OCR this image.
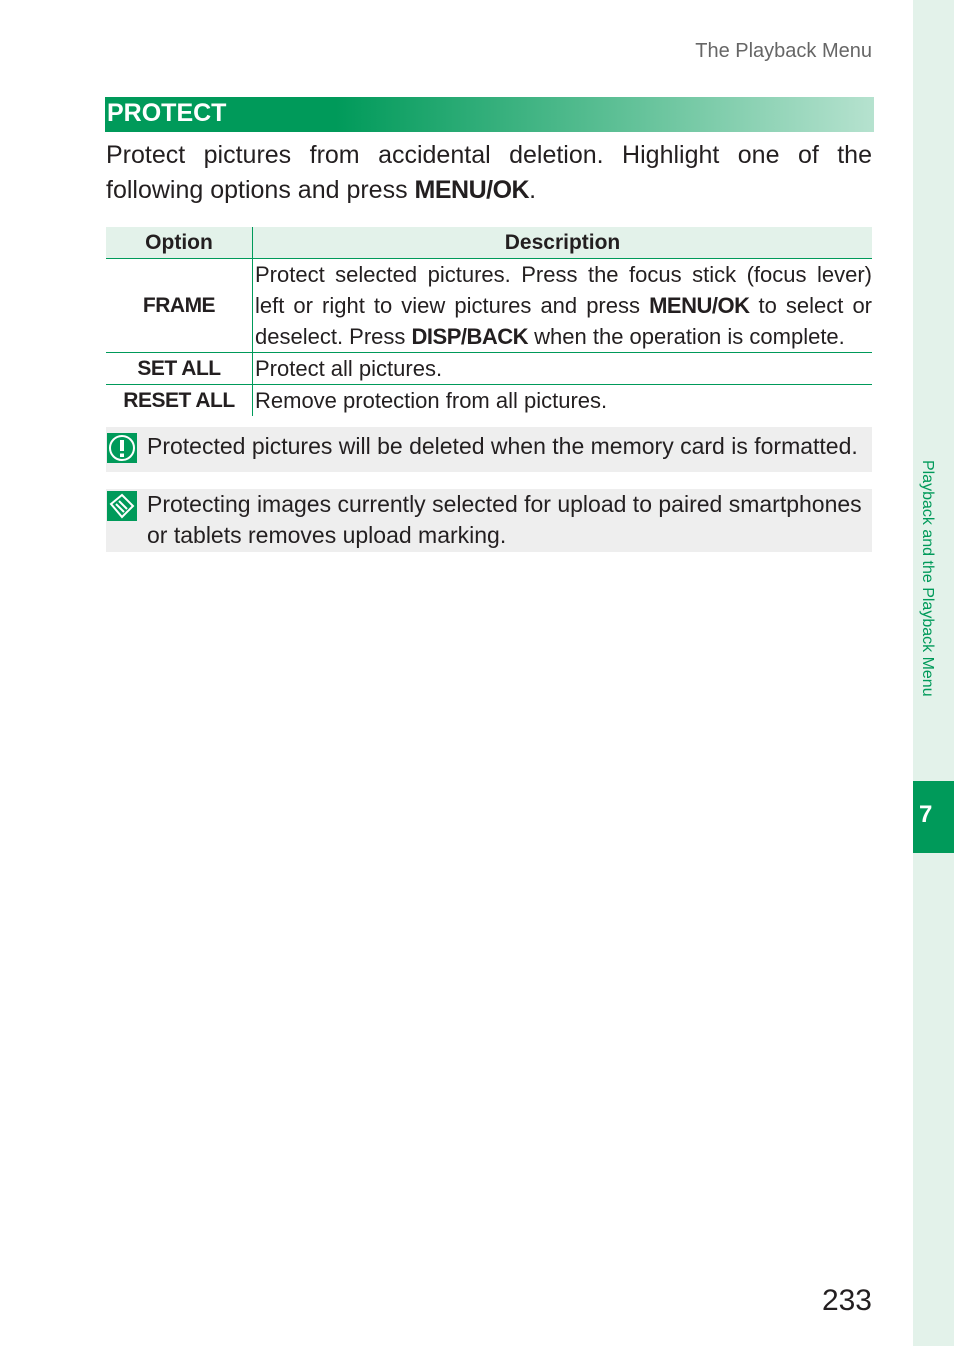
The Playback Menu
PROTECT

Protect pictures from accidental deletion. Highlight one of the following options and press MENU/OK.

Option	Description
FRAME	Protect selected pictures. Press the focus stick (focus lever) left or right to view pictures and press MENU/OK to select or deselect. Press DISP/BACK when the operation is complete.
SET ALL	Protect all pictures.
RESET ALL	Remove protection from all pictures.
Protected pictures will be deleted when the memory card is formatted.
Protecting images currently selected for upload to paired smartphones or tablets removes upload marking.	Playback and the Playback Menu
7
233
